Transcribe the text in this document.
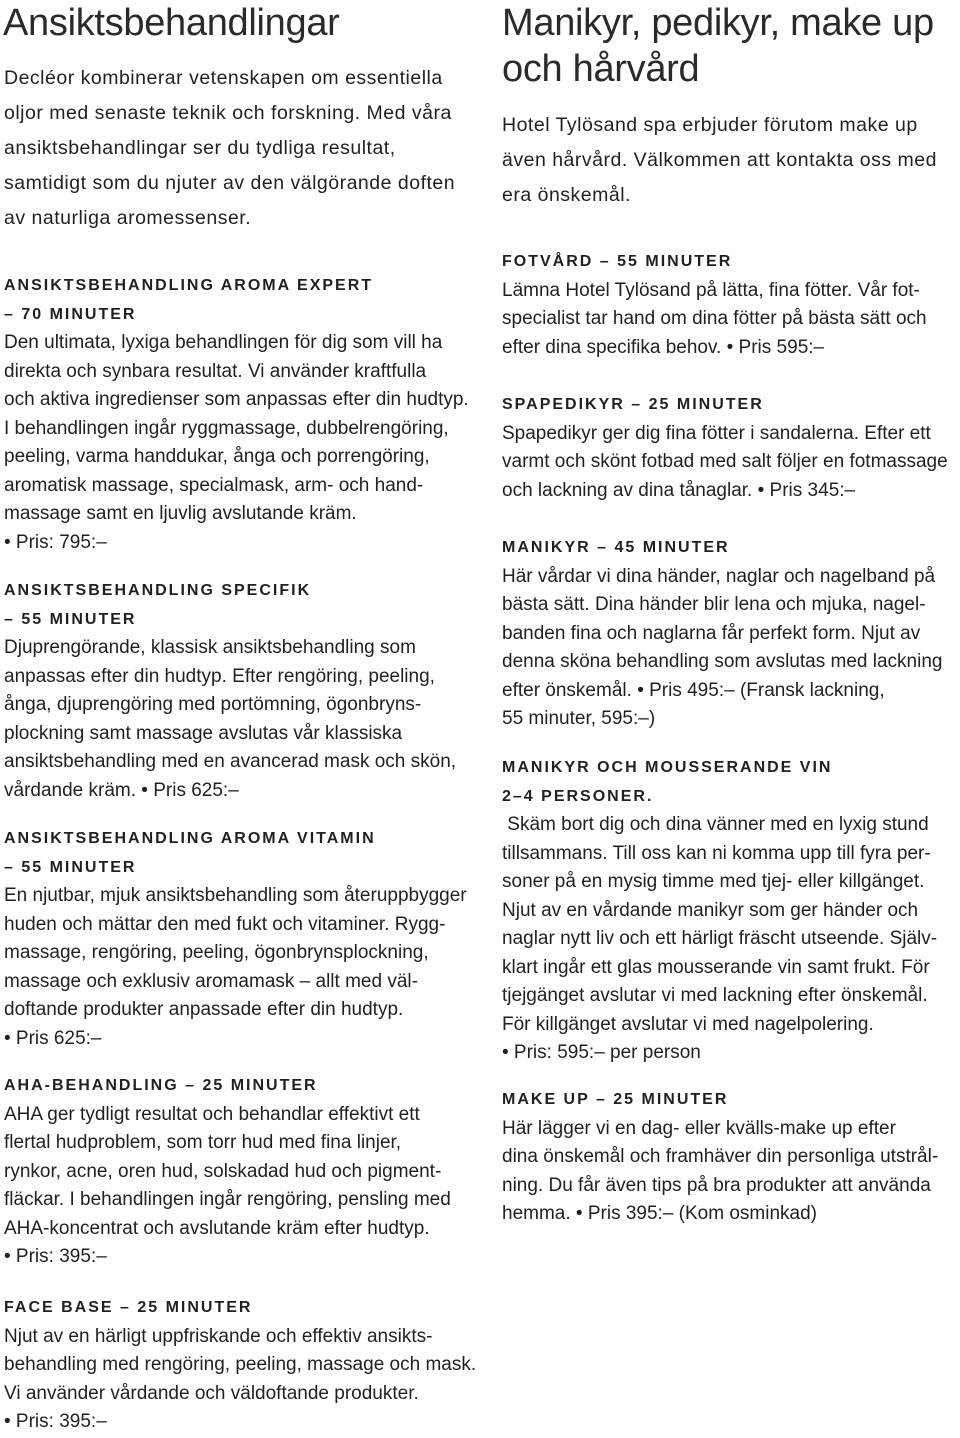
Ansiktsbehandlingar

Decléor kombinerar vetenskapen om essentiella
oljor med senaste teknik och forskning. Med våra
ansiktsbehandlingar ser du tydliga resultat,
samtidigt som du njuter av den välgörande doften
av naturliga aromessenser.

ANSIKTSBEHANDLING AROMA EXPERT
– 70 MINUTER
Den ultimata, lyxiga behandlingen för dig som vill ha
direkta och synbara resultat. Vi använder kraftfulla
och aktiva ingredienser som anpassas efter din hudtyp.
I behandlingen ingår ryggmassage, dubbelrengöring,
peeling, varma handdukar, ånga och porrengöring,
aromatisk massage, specialmask, arm- och hand-
massage samt en ljuvlig avslutande kräm.
• Pris: 795:–
ANSIKTSBEHANDLING SPECIFIK
– 55 MINUTER
Djuprengörande, klassisk ansiktsbehandling som
anpassas efter din hudtyp. Efter rengöring, peeling,
ånga, djuprengöring med portömning, ögonbryns-
plockning samt massage avslutas vår klassiska
ansiktsbehandling med en avancerad mask och skön,
vårdande kräm. • Pris 625:–
ANSIKTSBEHANDLING AROMA VITAMIN
– 55 MINUTER
En njutbar, mjuk ansiktsbehandling som återuppbygger
huden och mättar den med fukt och vitaminer. Rygg-
massage, rengöring, peeling, ögonbrynsplockning,
massage och exklusiv aromamask – allt med väl-
doftande produkter anpassade efter din hudtyp.
• Pris 625:–
AHA-BEHANDLING – 25 MINUTER
AHA ger tydligt resultat och behandlar effektivt ett
flertal hudproblem, som torr hud med fina linjer,
rynkor, acne, oren hud, solskadad hud och pigment-
fläckar. I behandlingen ingår rengöring, pensling med
AHA-koncentrat och avslutande kräm efter hudtyp.
• Pris: 395:–
FACE BASE – 25 MINUTER
Njut av en härligt uppfriskande och effektiv ansikts-
behandling med rengöring, peeling, massage och mask.
Vi använder vårdande och väldoftande produkter.
• Pris: 395:–
Manikyr, pedikyr, make up
och hårvård

Hotel Tylösand spa erbjuder förutom make up
även hårvård. Välkommen att kontakta oss med
era önskemål.

FOTVÅRD – 55 MINUTER
Lämna Hotel Tylösand på lätta, fina fötter. Vår fot-
specialist tar hand om dina fötter på bästa sätt och
efter dina specifika behov. • Pris 595:–
SPAPEDIKYR – 25 MINUTER
Spapedikyr ger dig fina fötter i sandalerna. Efter ett
varmt och skönt fotbad med salt följer en fotmassage
och lackning av dina tånaglar. • Pris 345:–
MANIKYR – 45 MINUTER
Här vårdar vi dina händer, naglar och nagelband på
bästa sätt. Dina händer blir lena och mjuka, nagel-
banden fina och naglarna får perfekt form. Njut av
denna sköna behandling som avslutas med lackning
efter önskemål. • Pris 495:– (Fransk lackning,
55 minuter, 595:–)
MANIKYR OCH MOUSSERANDE VIN
2–4 PERSONER.
Skäm bort dig och dina vänner med en lyxig stund
tillsammans. Till oss kan ni komma upp till fyra per-
soner på en mysig timme med tjej- eller killgänget.
Njut av en vårdande manikyr som ger händer och
naglar nytt liv och ett härligt fräscht utseende. Själv-
klart ingår ett glas mousserande vin samt frukt. För
tjejgänget avslutar vi med lackning efter önskemål.
För killgänget avslutar vi med nagelpolering.
• Pris: 595:– per person
MAKE UP – 25 MINUTER
Här lägger vi en dag- eller kvälls-make up efter
dina önskemål och framhäver din personliga utstrål-
ning. Du får även tips på bra produkter att använda
hemma. • Pris 395:– (Kom osminkad)
